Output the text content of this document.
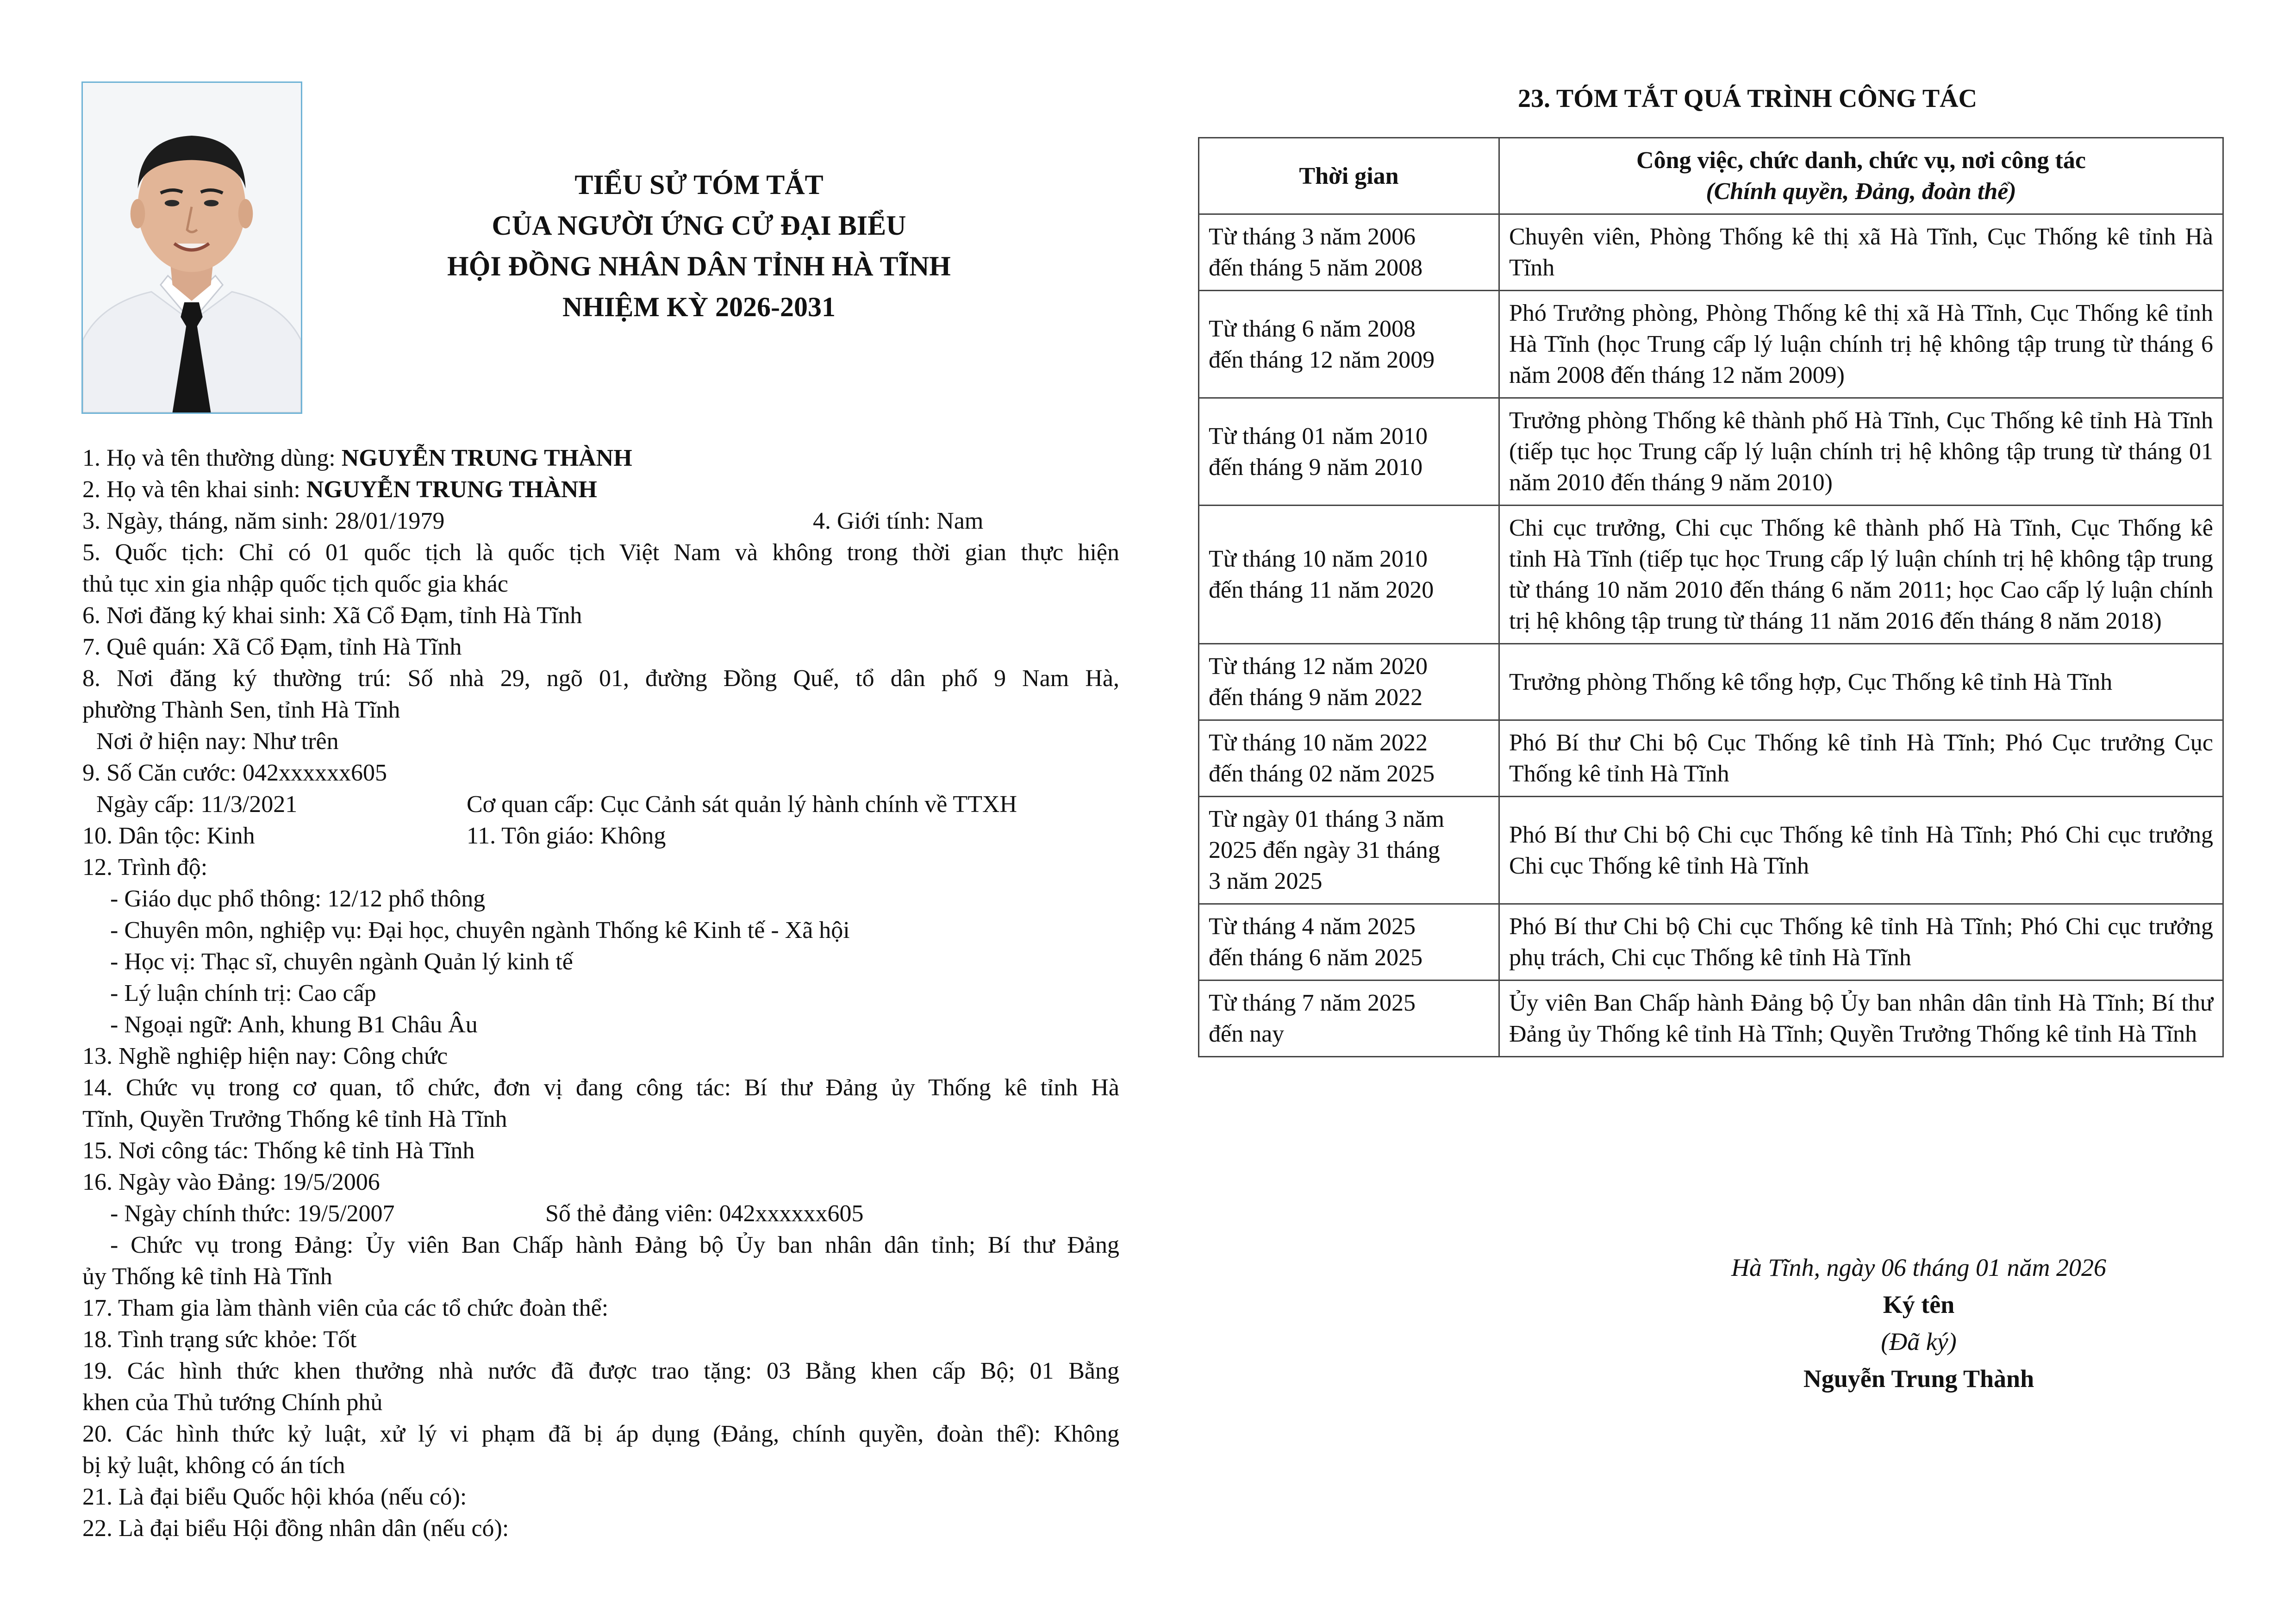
TIỂU SỬ TÓM TẮT
CỦA NGƯỜI ỨNG CỬ ĐẠI BIỂU
HỘI ĐỒNG NHÂN DÂN TỈNH HÀ TĨNH
NHIỆM KỲ 2026-2031
1. Họ và tên thường dùng: NGUYỄN TRUNG THÀNH
2. Họ và tên khai sinh: NGUYỄN TRUNG THÀNH
3. Ngày, tháng, năm sinh: 28/01/1979	4. Giới tính: Nam
5. Quốc tịch: Chỉ có 01 quốc tịch là quốc tịch Việt Nam và không trong thời gian thực hiện
thủ tục xin gia nhập quốc tịch quốc gia khác
6. Nơi đăng ký khai sinh: Xã Cổ Đạm, tỉnh Hà Tĩnh
7. Quê quán: Xã Cổ Đạm, tỉnh Hà Tĩnh
8. Nơi đăng ký thường trú: Số nhà 29, ngõ 01, đường Đồng Quế, tổ dân phố 9 Nam Hà,
phường Thành Sen, tỉnh Hà Tĩnh
Nơi ở hiện nay: Như trên
9. Số Căn cước: 042xxxxxx605
Ngày cấp: 11/3/2021	Cơ quan cấp: Cục Cảnh sát quản lý hành chính về TTXH
10. Dân tộc: Kinh	11. Tôn giáo: Không
12. Trình độ:
- Giáo dục phổ thông: 12/12 phổ thông
- Chuyên môn, nghiệp vụ: Đại học, chuyên ngành Thống kê Kinh tế - Xã hội
- Học vị: Thạc sĩ, chuyên ngành Quản lý kinh tế
- Lý luận chính trị: Cao cấp
- Ngoại ngữ: Anh, khung B1 Châu Âu
13. Nghề nghiệp hiện nay: Công chức
14. Chức vụ trong cơ quan, tổ chức, đơn vị đang công tác: Bí thư Đảng ủy Thống kê tỉnh Hà
Tĩnh, Quyền Trưởng Thống kê tỉnh Hà Tĩnh
15. Nơi công tác: Thống kê tỉnh Hà Tĩnh
16. Ngày vào Đảng: 19/5/2006
- Ngày chính thức: 19/5/2007	Số thẻ đảng viên: 042xxxxxx605
- Chức vụ trong Đảng: Ủy viên Ban Chấp hành Đảng bộ Ủy ban nhân dân tỉnh; Bí thư Đảng
ủy Thống kê tỉnh Hà Tĩnh
17. Tham gia làm thành viên của các tổ chức đoàn thể:
18. Tình trạng sức khỏe: Tốt
19. Các hình thức khen thưởng nhà nước đã được trao tặng: 03 Bằng khen cấp Bộ; 01 Bằng
khen của Thủ tướng Chính phủ
20. Các hình thức kỷ luật, xử lý vi phạm đã bị áp dụng (Đảng, chính quyền, đoàn thể): Không
bị kỷ luật, không có án tích
21. Là đại biểu Quốc hội khóa (nếu có):
22. Là đại biểu Hội đồng nhân dân (nếu có):
23. TÓM TẮT QUÁ TRÌNH CÔNG TÁC
Thời gian	Công việc, chức danh, chức vụ, nơi công tác
(Chính quyền, Đảng, đoàn thể)

Từ tháng 3 năm 2006
đến tháng 5 năm 2008	Chuyên viên, Phòng Thống kê thị xã Hà Tĩnh, Cục Thống kê tỉnh Hà Tĩnh

Từ tháng 6 năm 2008
đến tháng 12 năm 2009	Phó Trưởng phòng, Phòng Thống kê thị xã Hà Tĩnh, Cục Thống kê tỉnh Hà Tĩnh (học Trung cấp lý luận chính trị hệ không tập trung từ tháng 6 năm 2008 đến tháng 12 năm 2009)

Từ tháng 01 năm 2010
đến tháng 9 năm 2010	Trưởng phòng Thống kê thành phố Hà Tĩnh, Cục Thống kê tỉnh Hà Tĩnh (tiếp tục học Trung cấp lý luận chính trị hệ không tập trung từ tháng 01 năm 2010 đến tháng 9 năm 2010)

Từ tháng 10 năm 2010
đến tháng 11 năm 2020	Chi cục trưởng, Chi cục Thống kê thành phố Hà Tĩnh, Cục Thống kê tỉnh Hà Tĩnh (tiếp tục học Trung cấp lý luận chính trị hệ không tập trung từ tháng 10 năm 2010 đến tháng 6 năm 2011; học Cao cấp lý luận chính trị hệ không tập trung từ tháng 11 năm 2016 đến tháng 8 năm 2018)

Từ tháng 12 năm 2020
đến tháng 9 năm 2022	Trưởng phòng Thống kê tổng hợp, Cục Thống kê tỉnh Hà Tĩnh

Từ tháng 10 năm 2022
đến tháng 02 năm 2025	Phó Bí thư Chi bộ Cục Thống kê tỉnh Hà Tĩnh; Phó Cục trưởng Cục Thống kê tỉnh Hà Tĩnh

Từ ngày 01 tháng 3 năm
2025 đến ngày 31 tháng
3 năm 2025	Phó Bí thư Chi bộ Chi cục Thống kê tỉnh Hà Tĩnh; Phó Chi cục trưởng Chi cục Thống kê tỉnh Hà Tĩnh

Từ tháng 4 năm 2025
đến tháng 6 năm 2025	Phó Bí thư Chi bộ Chi cục Thống kê tỉnh Hà Tĩnh; Phó Chi cục trưởng phụ trách, Chi cục Thống kê tỉnh Hà Tĩnh

Từ tháng 7 năm 2025
đến nay	Ủy viên Ban Chấp hành Đảng bộ Ủy ban nhân dân tỉnh Hà Tĩnh; Bí thư Đảng ủy Thống kê tỉnh Hà Tĩnh; Quyền Trưởng Thống kê tỉnh Hà Tĩnh
Hà Tĩnh, ngày 06 tháng 01 năm 2026
Ký tên
(Đã ký)
Nguyễn Trung Thành
